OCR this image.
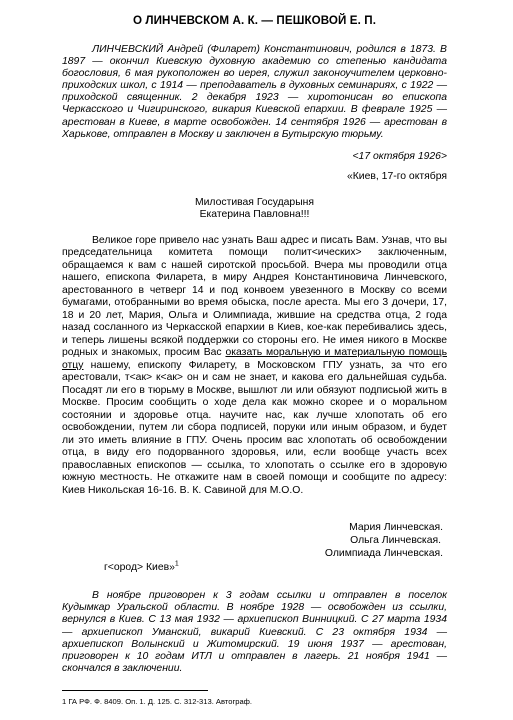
О ЛИНЧЕВСКОМ А. К. — ПЕШКОВОЙ Е. П.

ЛИНЧЕВСКИЙ Андрей (Филарет) Константинович, родился в 1873. В 1897 — окончил Киевскую духовную академию со степенью кандидата богословия, 6 мая рукоположен во иерея, служил законоучителем церковно-приходских школ, с 1914 — преподаватель в духовных семинариях, с 1922 — приходской священник. 2 декабря 1923 — хиротонисан во епископа Черкасского и Чигиринского, викария Киевской епархии. В феврале 1925 — арестован в Киеве, в марте освобожден. 14 сентября 1926 — арестован в Харькове, отправлен в Москву и заключен в Бутырскую тюрьму.

<17 октября 1926>
«Киев, 17-го октября
Милостивая Государыня
Екатерина Павловна!!!

Великое горе привело нас узнать Ваш адрес и писать Вам. Узнав, что вы председательница комитета помощи полит<ических> заключенным, обращаемся к вам с нашей сиротской просьбой. Вчера мы проводили отца нашего, епископа Филарета, в миру Андрея Константиновича Линчевского, арестованного в четверг 14 и под конвоем увезенного в Москву со всеми бумагами, отобранными во время обыска, после ареста. Мы его 3 дочери, 17, 18 и 20 лет, Мария, Ольга и Олимпиада, жившие на средства отца, 2 года назад сосланного из Черкасской епархии в Киев, кое-как перебивались здесь, и теперь лишены всякой поддержки со стороны его. Не имея никого в Москве родных и знакомых, просим Вас оказать моральную и материальную помощь отцу нашему, епископу Филарету, в Московском ГПУ узнать, за что его арестовали, т<ак> к<ак> он и сам не знает, и какова его дальнейшая судьба. Посадят ли его в тюрьму в Москве, вышлют ли или обязуют подписьюй жить в Москве. Просим сообщить о ходе дела как можно скорее и о моральном состоянии и здоровье отца. научите нас, как лучше хлопотать об его освобождении, путем ли сбора подписей, поруки или иным образом, и будет ли это иметь влияние в ГПУ. Очень просим вас хлопотать об освобождении отца, в виду его подорванного здоровья, или, если вообще участь всех православных епископов — ссылка, то хлопотать о ссылке его в здоровую южную местность. Не откажите нам в своей помощи и сообщите по адресу: Киев Никольская 16-16. В. К. Савиной для М.О.О.

Мария Линчевская.
Ольга Линчевская.
Олимпиада Линчевская.
г<ород> Киев»$^1$

В ноябре приговорен к 3 годам ссылки и отправлен в поселок Кудымкар Уральской области. В ноябре 1928 — освобожден из ссылки, вернулся в Киев. С 13 мая 1932 — архиепископ Винницкий. С 27 марта 1934 — архиепископ Уманский, викарий Киевский. С 23 октября 1934 — архиепископ Волынский и Житомирский. 19 июня 1937 — арестован, приговорен к 10 годам ИТЛ и отправлен в лагерь. 21 ноября 1941 — скончался в заключении.

1 ГА РФ. Ф. 8409. Оп. 1. Д. 125. С. 312-313. Автограф.
